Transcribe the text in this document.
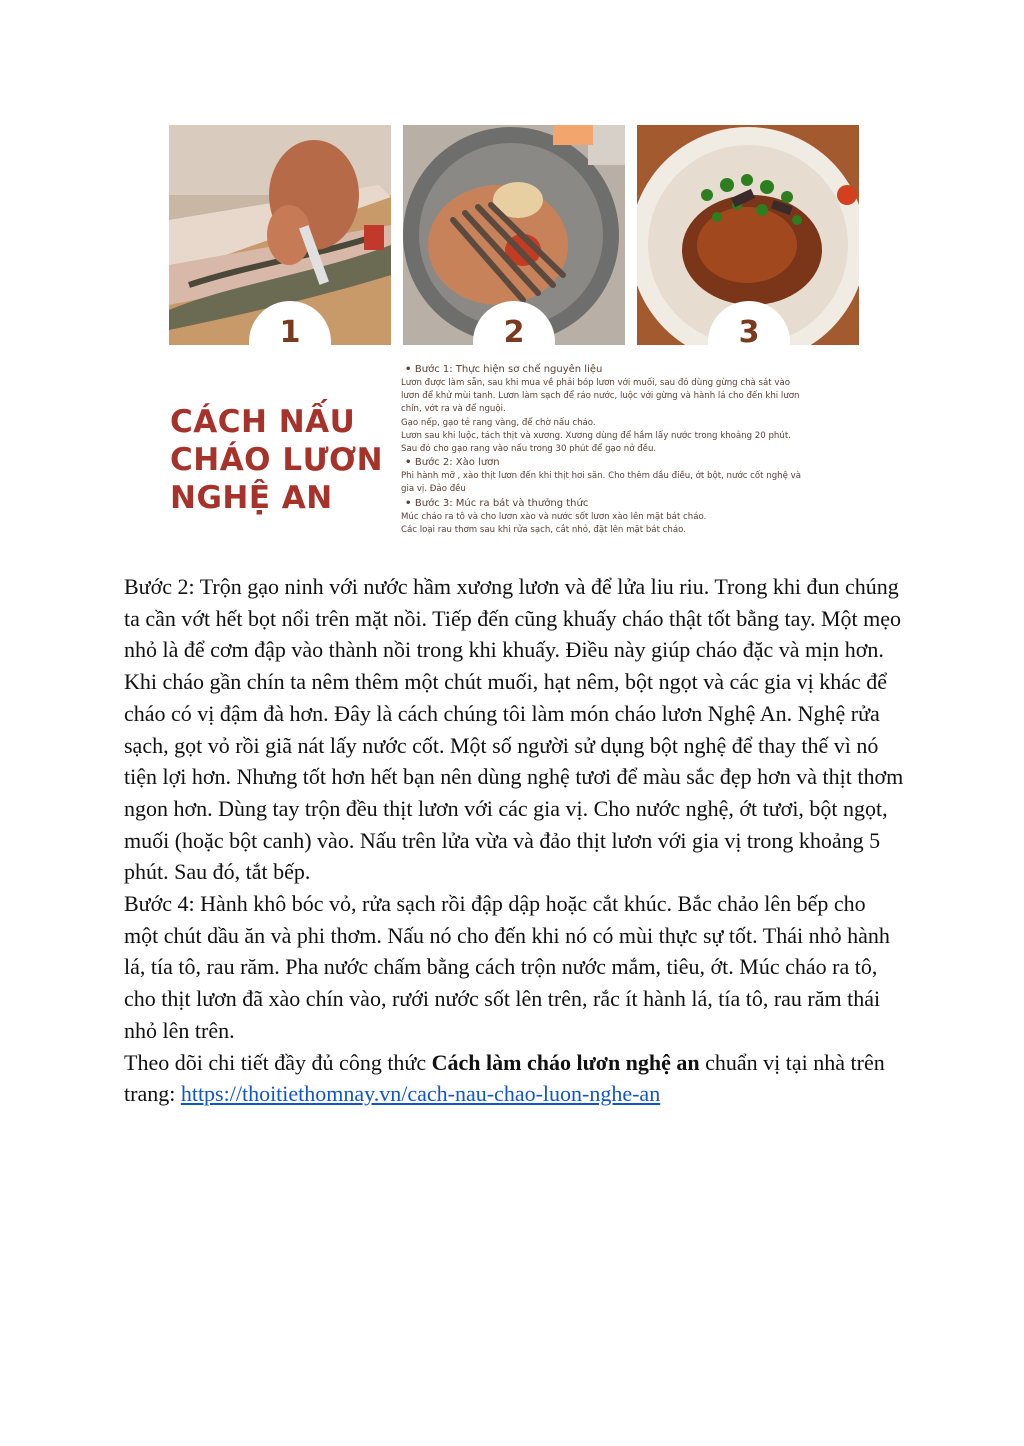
1	2	3
CÁCH NẤU
CHÁO LƯƠN
NGHỆ AN
• Bước 1: Thực hiện sơ chế nguyên liệu
Lươn được làm sẵn, sau khi mua về phải bóp lươn với muối, sau đó dùng gừng chà sát vào
lươn để khử mùi tanh. Lươn làm sạch để ráo nước, luộc với gừng và hành lá cho đến khi lươn
chín, vớt ra và để nguội.
Gạo nếp, gạo tẻ rang vàng, để chờ nấu cháo.
Lươn sau khi luộc, tách thịt và xương. Xương dùng để hầm lấy nước trong khoảng 20 phút.
Sau đó cho gạo rang vào nấu trong 30 phút để gạo nở đều.
• Bước 2: Xào lươn
Phi hành mỡ , xào thịt lươn đến khi thịt hơi săn. Cho thêm dầu điều, ớt bột, nước cốt nghệ và
gia vị. Đảo đều
• Bước 3: Múc ra bát và thưởng thức
Múc cháo ra tô và cho lươn xào và nước sốt lươn xào lên mặt bát cháo.
Các loại rau thơm sau khi rửa sạch, cắt nhỏ, đặt lên mặt bát cháo.

Bước 2: Trộn gạo ninh với nước hầm xương lươn và để lửa liu riu. Trong khi đun chúng ta cần vớt hết bọt nổi trên mặt nồi. Tiếp đến cũng khuấy cháo thật tốt bằng tay. Một mẹo nhỏ là để cơm đập vào thành nồi trong khi khuấy. Điều này giúp cháo đặc và mịn hơn. Khi cháo gần chín ta nêm thêm một chút muối, hạt nêm, bột ngọt và các gia vị khác để cháo có vị đậm đà hơn. Đây là cách chúng tôi làm món cháo lươn Nghệ An. Nghệ rửa sạch, gọt vỏ rồi giã nát lấy nước cốt. Một số người sử dụng bột nghệ để thay thế vì nó tiện lợi hơn. Nhưng tốt hơn hết bạn nên dùng nghệ tươi để màu sắc đẹp hơn và thịt thơm ngon hơn. Dùng tay trộn đều thịt lươn với các gia vị. Cho nước nghệ, ớt tươi, bột ngọt, muối (hoặc bột canh) vào. Nấu trên lửa vừa và đảo thịt lươn với gia vị trong khoảng 5 phút. Sau đó, tắt bếp.

Bước 4: Hành khô bóc vỏ, rửa sạch rồi đập dập hoặc cắt khúc. Bắc chảo lên bếp cho một chút dầu ăn và phi thơm. Nấu nó cho đến khi nó có mùi thực sự tốt. Thái nhỏ hành lá, tía tô, rau răm. Pha nước chấm bằng cách trộn nước mắm, tiêu, ớt. Múc cháo ra tô, cho thịt lươn đã xào chín vào, rưới nước sốt lên trên, rắc ít hành lá, tía tô, rau răm thái nhỏ lên trên.

Theo dõi chi tiết đầy đủ công thức Cách làm cháo lươn nghệ an chuẩn vị tại nhà trên trang: https://thoitiethomnay.vn/cach-nau-chao-luon-nghe-an
